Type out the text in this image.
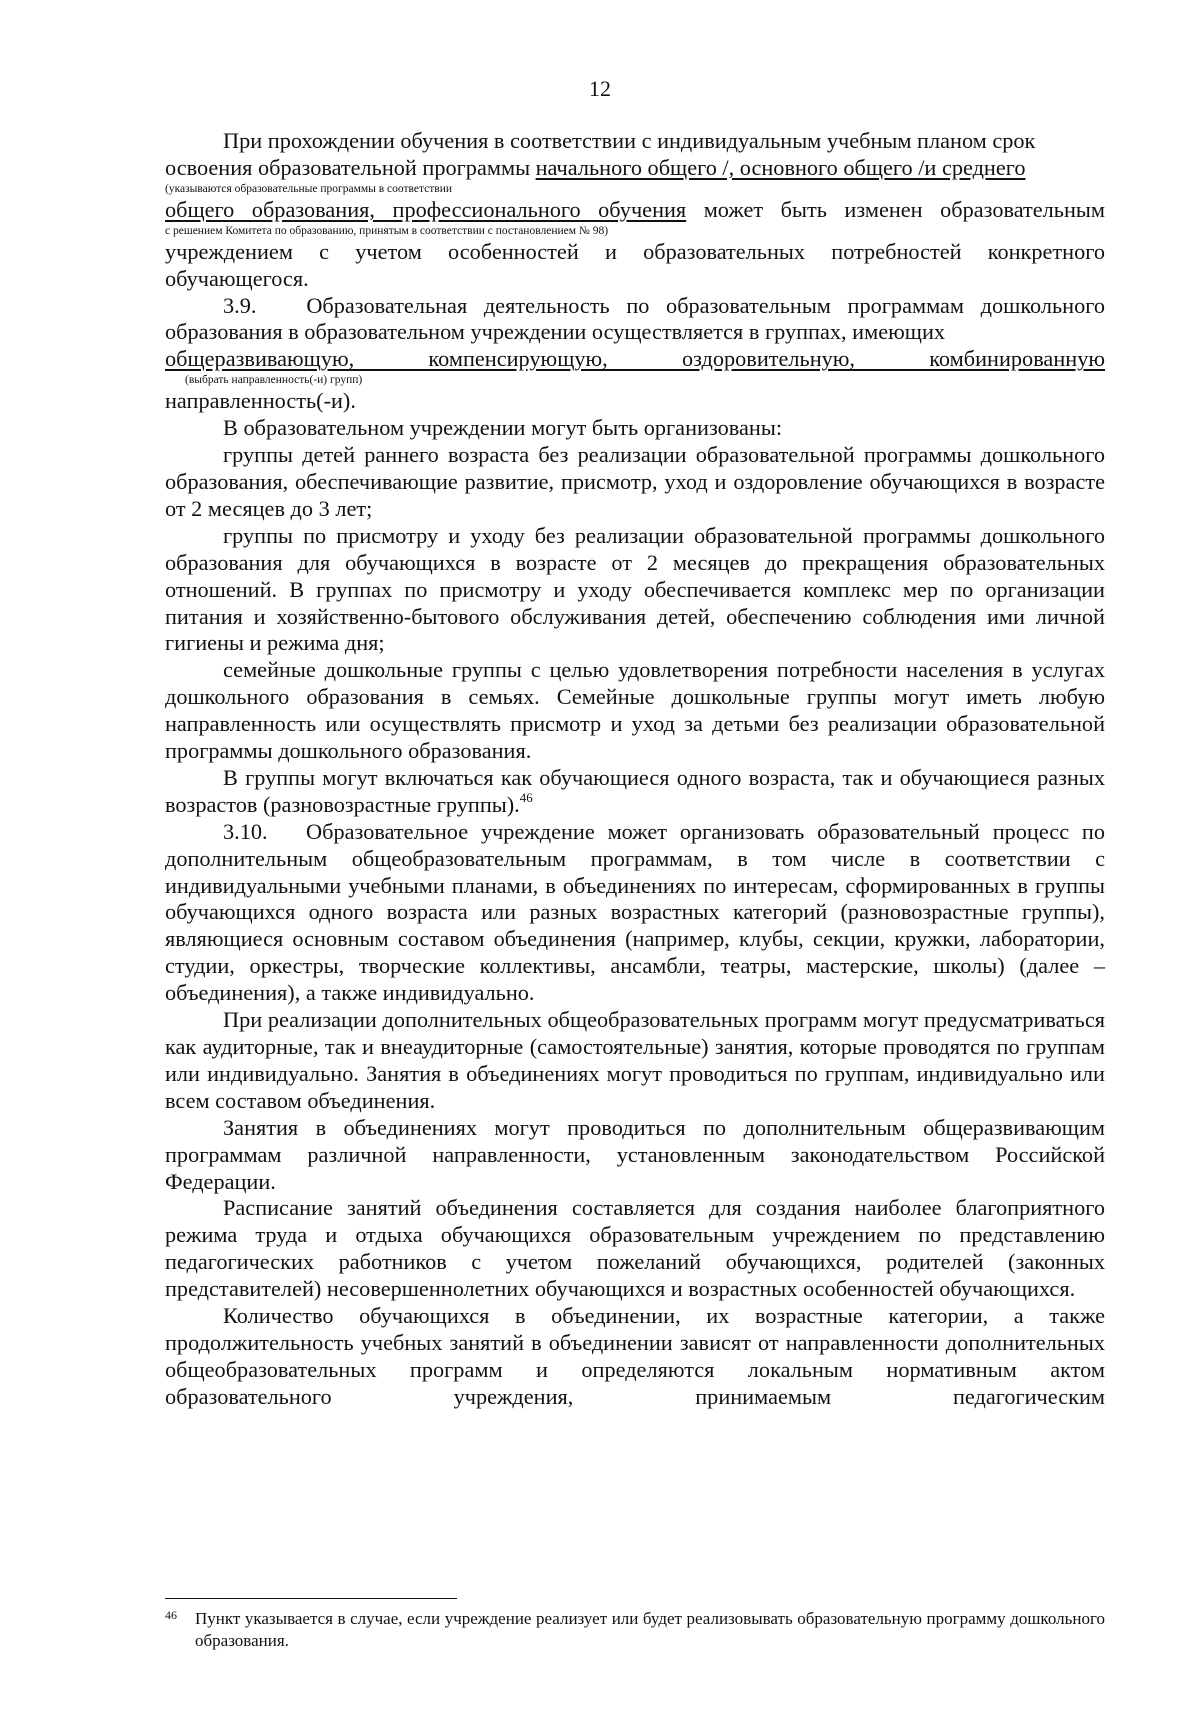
12

При прохождении обучения в соответствии с индивидуальным учебным планом срок

освоения образовательной программы начального общего /, основного общего /и среднего

(указываются образовательные программы в соответствии

общего образования, профессионального обучения может быть изменен образовательным

с решением Комитета по образованию, принятым в соответствии с постановлением № 98)

учреждением с учетом особенностей и образовательных потребностей конкретного обучающегося.

3.9.   Образовательная деятельность по образовательным программам дошкольного образования в образовательном учреждении осуществляется в группах, имеющих

общеразвивающую, компенсирующую, оздоровительную, комбинированную

(выбрать направленность(-и) групп)

направленность(-и).

В образовательном учреждении могут быть организованы:

группы детей раннего возраста без реализации образовательной программы дошкольного образования, обеспечивающие развитие, присмотр, уход и оздоровление обучающихся в возрасте от 2 месяцев до 3 лет;

группы по присмотру и уходу без реализации образовательной программы дошкольного образования для обучающихся в возрасте от 2 месяцев до прекращения образовательных отношений. В группах по присмотру и уходу обеспечивается комплекс мер по организации питания и хозяйственно-бытового обслуживания детей, обеспечению соблюдения ими личной гигиены и режима дня;

семейные дошкольные группы с целью удовлетворения потребности населения в услугах дошкольного образования в семьях. Семейные дошкольные группы могут иметь любую направленность или осуществлять присмотр и уход за детьми без реализации образовательной программы дошкольного образования.

В группы могут включаться как обучающиеся одного возраста, так и обучающиеся разных возрастов (разновозрастные группы).$^{46}$

3.10.   Образовательное учреждение может организовать образовательный процесс по дополнительным общеобразовательным программам, в том числе в соответствии с индивидуальными учебными планами, в объединениях по интересам, сформированных в группы обучающихся одного возраста или разных возрастных категорий (разновозрастные группы), являющиеся основным составом объединения (например, клубы, секции, кружки, лаборатории, студии, оркестры, творческие коллективы, ансамбли, театры, мастерские, школы) (далее – объединения), а также индивидуально.

При реализации дополнительных общеобразовательных программ могут предусматриваться как аудиторные, так и внеаудиторные (самостоятельные) занятия, которые проводятся по группам или индивидуально. Занятия в объединениях могут проводиться по группам, индивидуально или всем составом объединения.

Занятия в объединениях могут проводиться по дополнительным общеразвивающим программам различной направленности, установленным законодательством Российской Федерации.

Расписание занятий объединения составляется для создания наиболее благоприятного режима труда и отдыха обучающихся образовательным учреждением по представлению педагогических работников с учетом пожеланий обучающихся, родителей (законных представителей) несовершеннолетних обучающихся и возрастных особенностей обучающихся.

Количество обучающихся в объединении, их возрастные категории, а также продолжительность учебных занятий в объединении зависят от направленности дополнительных общеобразовательных программ и определяются локальным нормативным актом образовательного учреждения, принимаемым педагогическим

46	Пункт указывается в случае, если учреждение реализует или будет реализовывать образовательную программу дошкольного образования.
